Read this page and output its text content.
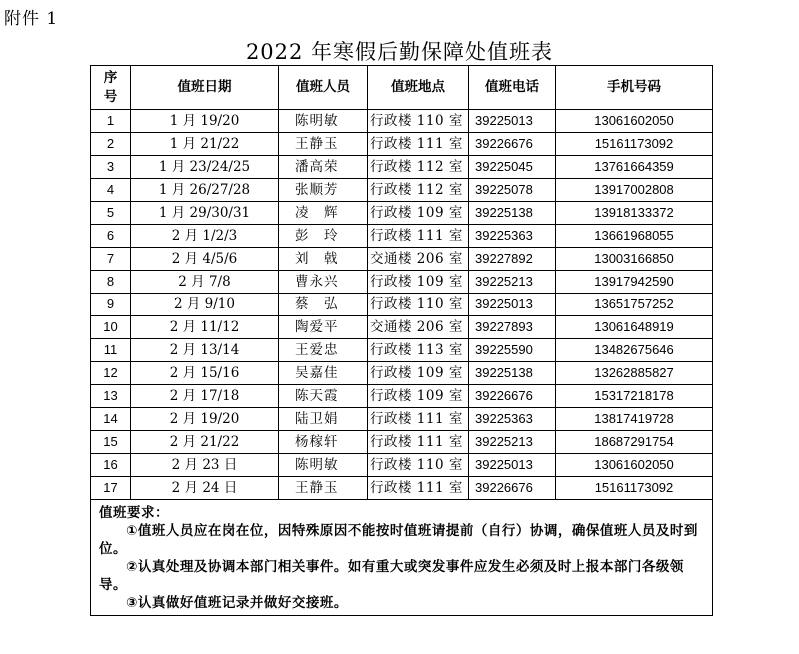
附件 1
2022 年寒假后勤保障处值班表
序号	值班日期	值班人员	值班地点	值班电话	手机号码
1	1 月 19/20	陈明敏	行政楼 110 室	39225013	13061602050
2	1 月 21/22	王静玉	行政楼 111 室	39226676	15161173092
3	1 月 23/24/25	潘高荣	行政楼 112 室	39225045	13761664359
4	1 月 26/27/28	张顺芳	行政楼 112 室	39225078	13917002808
5	1 月 29/30/31	凌　辉	行政楼 109 室	39225138	13918133372
6	2 月 1/2/3	彭　玲	行政楼 111 室	39225363	13661968055
7	2 月 4/5/6	刘　戟	交通楼 206 室	39227892	13003166850
8	2 月 7/8	曹永兴	行政楼 109 室	39225213	13917942590
9	2 月 9/10	蔡　弘	行政楼 110 室	39225013	13651757252
10	2 月 11/12	陶爱平	交通楼 206 室	39227893	13061648919
11	2 月 13/14	王爱忠	行政楼 113 室	39225590	13482675646
12	2 月 15/16	吴嘉佳	行政楼 109 室	39225138	13262885827
13	2 月 17/18	陈天霞	行政楼 109 室	39226676	15317218178
14	2 月 19/20	陆卫娟	行政楼 111 室	39225363	13817419728
15	2 月 21/22	杨稼轩	行政楼 111 室	39225213	18687291754
16	2 月 23 日	陈明敏	行政楼 110 室	39225013	13061602050
17	2 月 24 日	王静玉	行政楼 111 室	39226676	15161173092

值班要求：
①值班人员应在岗在位，因特殊原因不能按时值班请提前（自行）协调，确保值班人员及时到位。
②认真处理及协调本部门相关事件。如有重大或突发事件应发生必须及时上报本部门各级领导。
③认真做好值班记录并做好交接班。					
